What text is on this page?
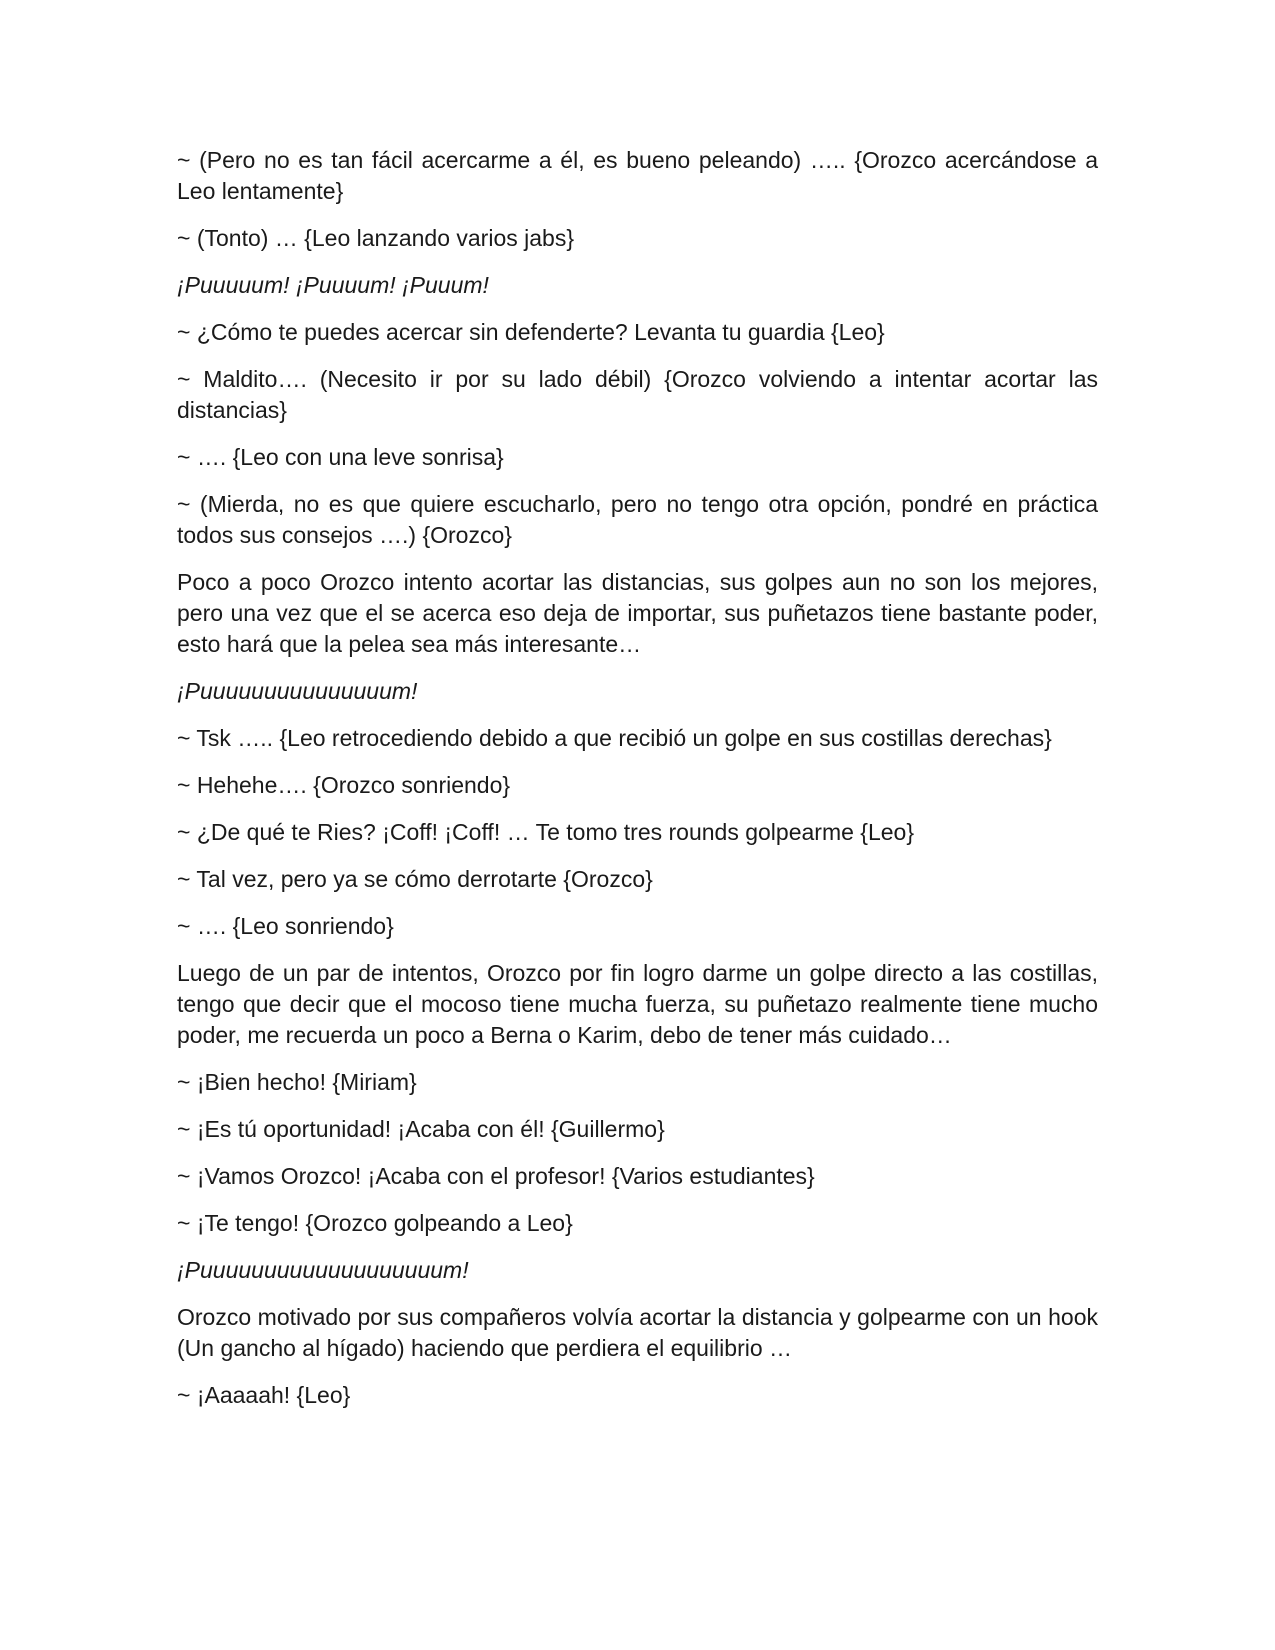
~ (Pero no es tan fácil acercarme a él, es bueno peleando) ….. {Orozco acercándose a Leo lentamente}

~ (Tonto) … {Leo lanzando varios jabs}

¡Puuuuum! ¡Puuuum! ¡Puuum!

~ ¿Cómo te puedes acercar sin defenderte? Levanta tu guardia {Leo}

~ Maldito…. (Necesito ir por su lado débil) {Orozco volviendo a intentar acortar las distancias}

~ …. {Leo con una leve sonrisa}

~ (Mierda, no es que quiere escucharlo, pero no tengo otra opción, pondré en práctica todos sus consejos ….) {Orozco}

Poco a poco Orozco intento acortar las distancias, sus golpes aun no son los mejores, pero una vez que el se acerca eso deja de importar, sus puñetazos tiene bastante poder, esto hará que la pelea sea más interesante…

¡Puuuuuuuuuuuuuuum!

~ Tsk ….. {Leo retrocediendo debido a que recibió un golpe en sus costillas derechas}

~ Hehehe…. {Orozco sonriendo}

~ ¿De qué te Ries? ¡Coff! ¡Coff! … Te tomo tres rounds golpearme {Leo}

~ Tal vez, pero ya se cómo derrotarte {Orozco}

~ …. {Leo sonriendo}

Luego de un par de intentos, Orozco por fin logro darme un golpe directo a las costillas, tengo que decir que el mocoso tiene mucha fuerza, su puñetazo realmente tiene mucho poder, me recuerda un poco a Berna o Karim, debo de tener más cuidado…

~ ¡Bien hecho! {Miriam}

~ ¡Es tú oportunidad! ¡Acaba con él! {Guillermo}

~ ¡Vamos Orozco! ¡Acaba con el profesor! {Varios estudiantes}

~ ¡Te tengo! {Orozco golpeando a Leo}

¡Puuuuuuuuuuuuuuuuuuum!

Orozco motivado por sus compañeros volvía acortar la distancia y golpearme con un hook (Un gancho al hígado) haciendo que perdiera el equilibrio …

~ ¡Aaaaah! {Leo}
